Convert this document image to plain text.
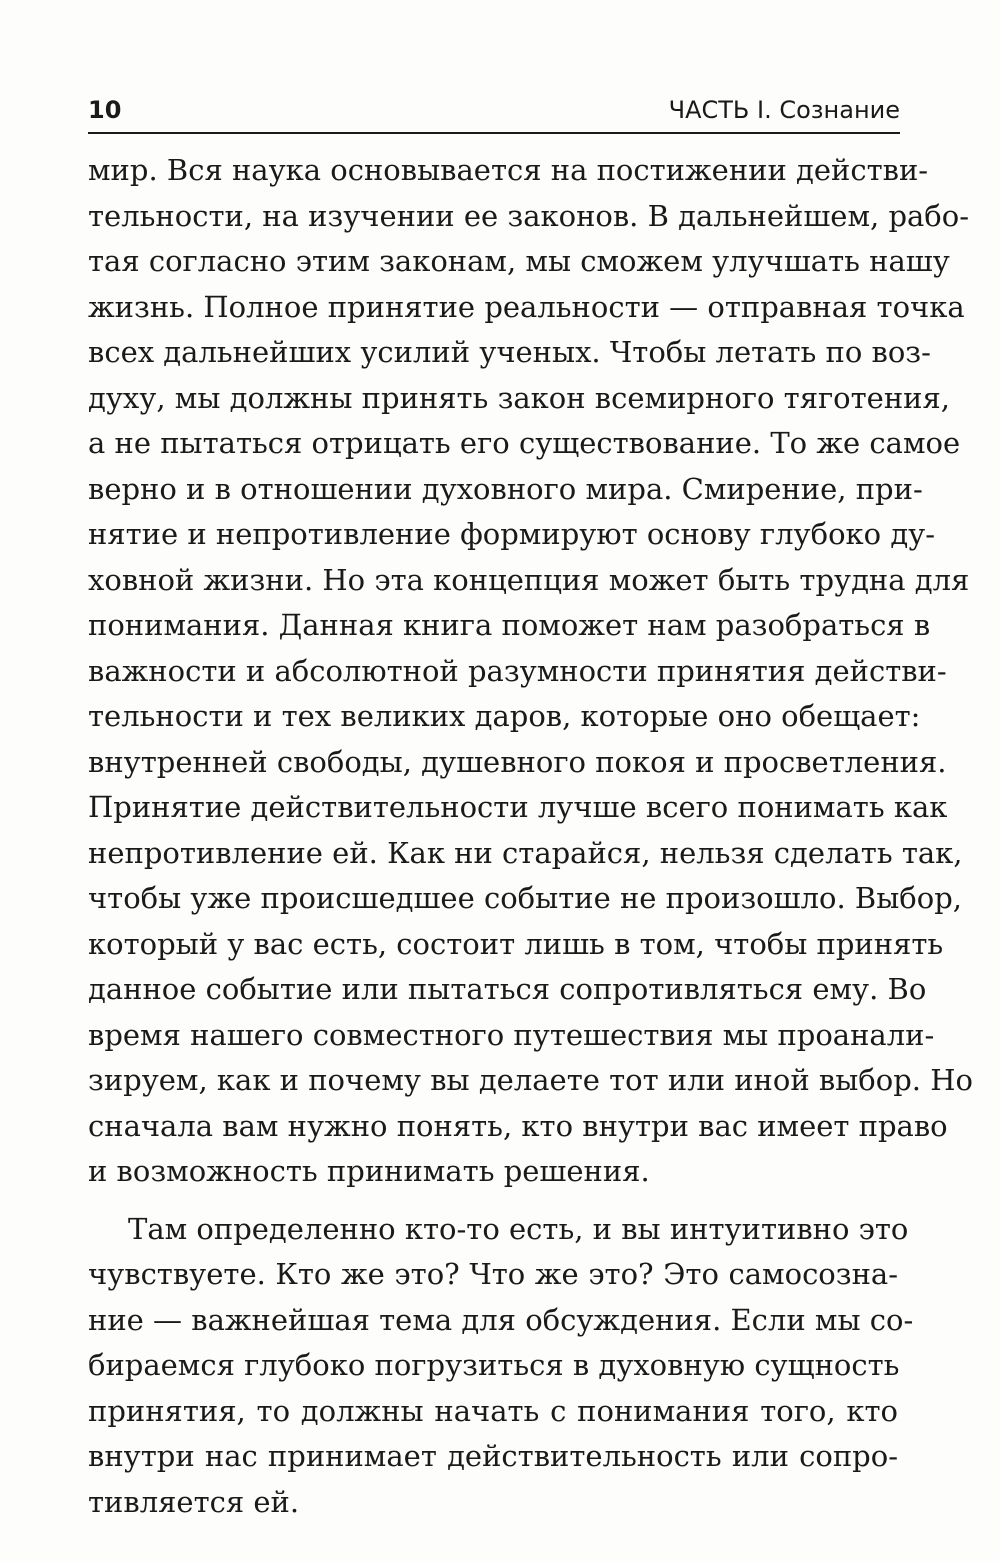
10	ЧАСТЬ I. Сознание
мир. Вся наука основывается на постижении действи-
тельности, на изучении ее законов. В дальнейшем, рабо-
тая согласно этим законам, мы сможем улучшать нашу
жизнь. Полное принятие реальности — отправная точка
всех дальнейших усилий ученых. Чтобы летать по воз-
духу, мы должны принять закон всемирного тяготения,
а не пытаться отрицать его существование. То же самое
верно и в отношении духовного мира. Смирение, при-
нятие и непротивление формируют основу глубоко ду-
ховной жизни. Но эта концепция может быть трудна для
понимания. Данная книга поможет нам разобраться в
важности и абсолютной разумности принятия действи-
тельности и тех великих даров, которые оно обещает:
внутренней свободы, душевного покоя и просветления.
Принятие действительности лучше всего понимать как
непротивление ей. Как ни старайся, нельзя сделать так,
чтобы уже происшедшее событие не произошло. Выбор,
который у вас есть, состоит лишь в том, чтобы принять
данное событие или пытаться сопротивляться ему. Во
время нашего совместного путешествия мы проанали-
зируем, как и почему вы делаете тот или иной выбор. Но
сначала вам нужно понять, кто внутри вас имеет право
и возможность принимать решения.
Там определенно кто-то есть, и вы интуитивно это
чувствуете. Кто же это? Что же это? Это самосозна-
ние — важнейшая тема для обсуждения. Если мы со-
бираемся глубоко погрузиться в духовную сущность
принятия, то должны начать с понимания того, кто
внутри нас принимает действительность или сопро-
тивляется ей.
